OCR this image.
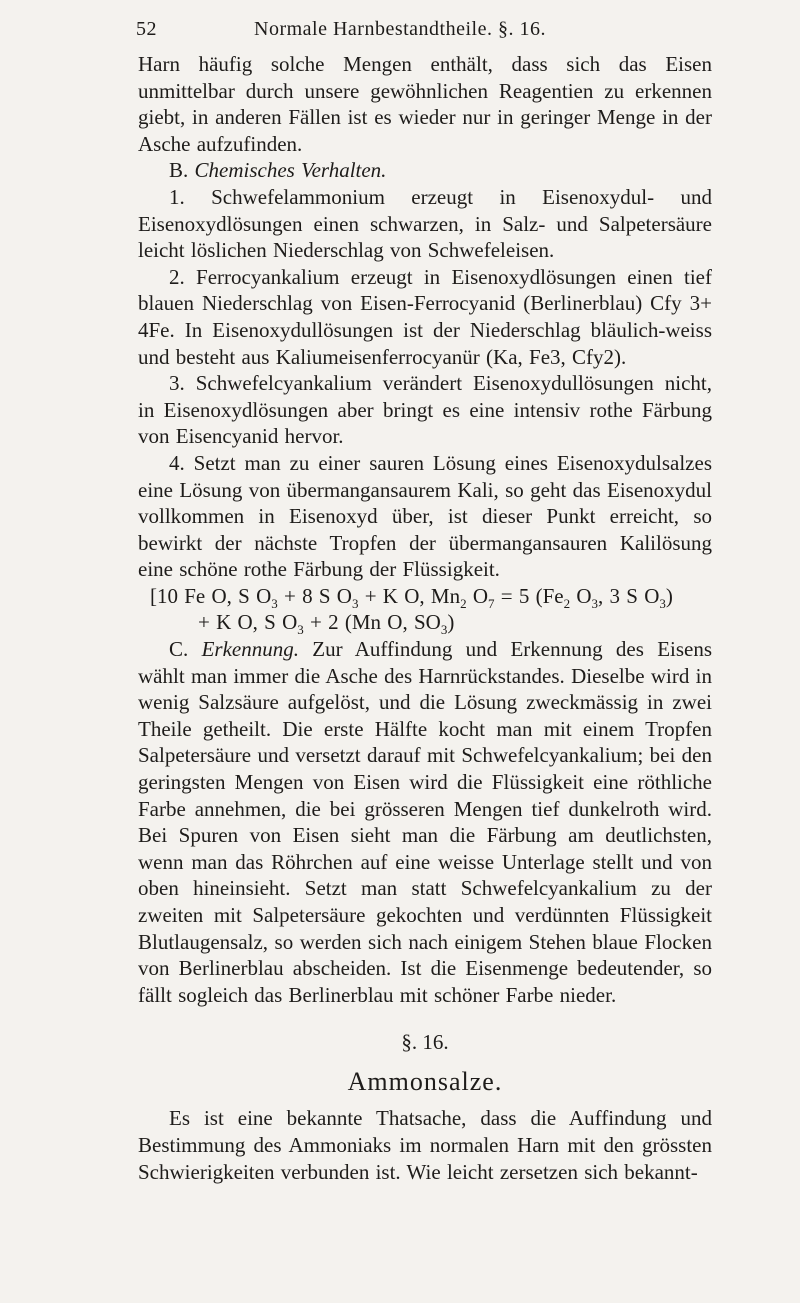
52	Normale Harnbestandtheile. §. 16.

Harn häufig solche Mengen enthält, dass sich das Eisen unmittelbar durch unsere gewöhnlichen Reagentien zu erkennen giebt, in anderen Fällen ist es wieder nur in geringer Menge in der Asche aufzufinden.

B. Chemisches Verhalten.

1. Schwefelammonium erzeugt in Eisenoxydul- und Eisenoxydlösungen einen schwarzen, in Salz- und Salpetersäure leicht löslichen Niederschlag von Schwefeleisen.

2. Ferrocyankalium erzeugt in Eisenoxydlösungen einen tief blauen Niederschlag von Eisen-Ferrocyanid (Berlinerblau) Cfy 3+ 4Fe. In Eisenoxydullösungen ist der Niederschlag bläulich-weiss und besteht aus Kaliumeisenferrocyanür (Ka, Fe3, Cfy2).

3. Schwefelcyankalium verändert Eisenoxydullösungen nicht, in Eisenoxydlösungen aber bringt es eine intensiv rothe Färbung von Eisencyanid hervor.

4. Setzt man zu einer sauren Lösung eines Eisenoxydulsalzes eine Lösung von übermangansaurem Kali, so geht das Eisenoxydul vollkommen in Eisenoxyd über, ist dieser Punkt erreicht, so bewirkt der nächste Tropfen der übermangansauren Kalilösung eine schöne rothe Färbung der Flüssigkeit.

[10 Fe O, S $O_3 + 8$ S $O_3 + K$ O, $Mn_2$ $O_7 = 5$ ($Fe_2$ $O_3$, 3 S $O_3$)

+ K O, S $O_3 + 2$ (Mn O, $SO_3$)

C. Erkennung. Zur Auffindung und Erkennung des Eisens wählt man immer die Asche des Harnrückstandes. Dieselbe wird in wenig Salzsäure aufgelöst, und die Lösung zweckmässig in zwei Theile getheilt. Die erste Hälfte kocht man mit einem Tropfen Salpetersäure und versetzt darauf mit Schwefelcyankalium; bei den geringsten Mengen von Eisen wird die Flüssigkeit eine röthliche Farbe annehmen, die bei grösseren Mengen tief dunkelroth wird. Bei Spuren von Eisen sieht man die Färbung am deutlichsten, wenn man das Röhrchen auf eine weisse Unterlage stellt und von oben hineinsieht. Setzt man statt Schwefelcyankalium zu der zweiten mit Salpetersäure gekochten und verdünnten Flüssigkeit Blutlaugensalz, so werden sich nach einigem Stehen blaue Flocken von Berlinerblau abscheiden. Ist die Eisenmenge bedeutender, so fällt sogleich das Berlinerblau mit schöner Farbe nieder.

§. 16.
Ammonsalze.

Es ist eine bekannte Thatsache, dass die Auffindung und Bestimmung des Ammoniaks im normalen Harn mit den grössten Schwierigkeiten verbunden ist. Wie leicht zersetzen sich bekannt-
